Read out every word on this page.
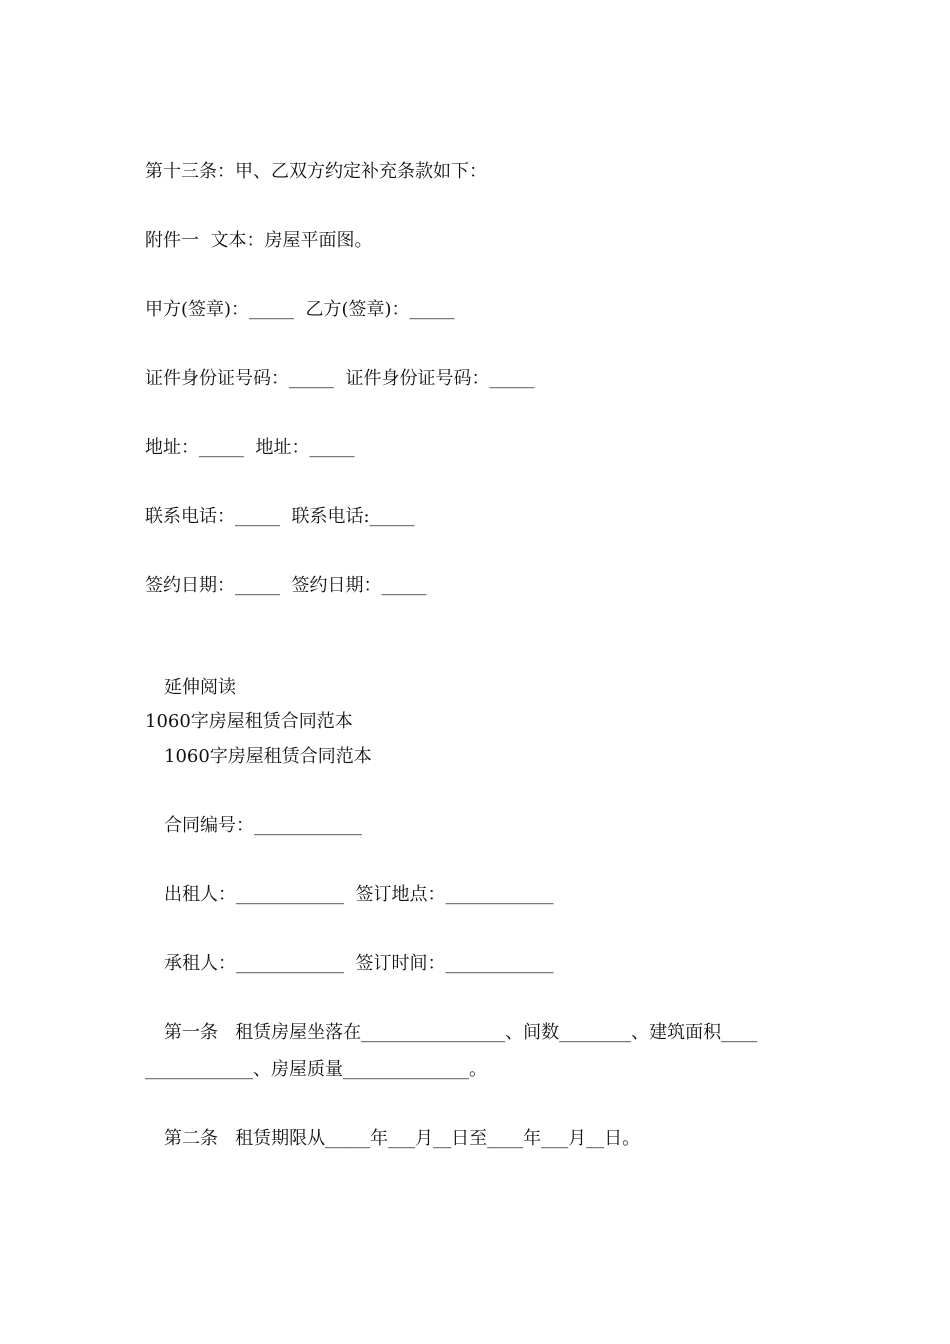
第十三条：甲、乙双方约定补充条款如下：

附件一  文本：房屋平面图。

甲方(签章)：_____  乙方(签章)：_____

证件身份证号码：_____  证件身份证号码：_____

地址：_____  地址：_____

联系电话：_____  联系电话:_____

签约日期：_____  签约日期：_____

延伸阅读

1060字房屋租赁合同范本

1060字房屋租赁合同范本

合同编号：____________

出租人：____________  签订地点：____________

承租人：____________  签订时间：____________

第一条   租赁房屋坐落在________________、间数________、建筑面积____

____________、房屋质量______________。

第二条   租赁期限从_____年___月__日至____年___月__日。
